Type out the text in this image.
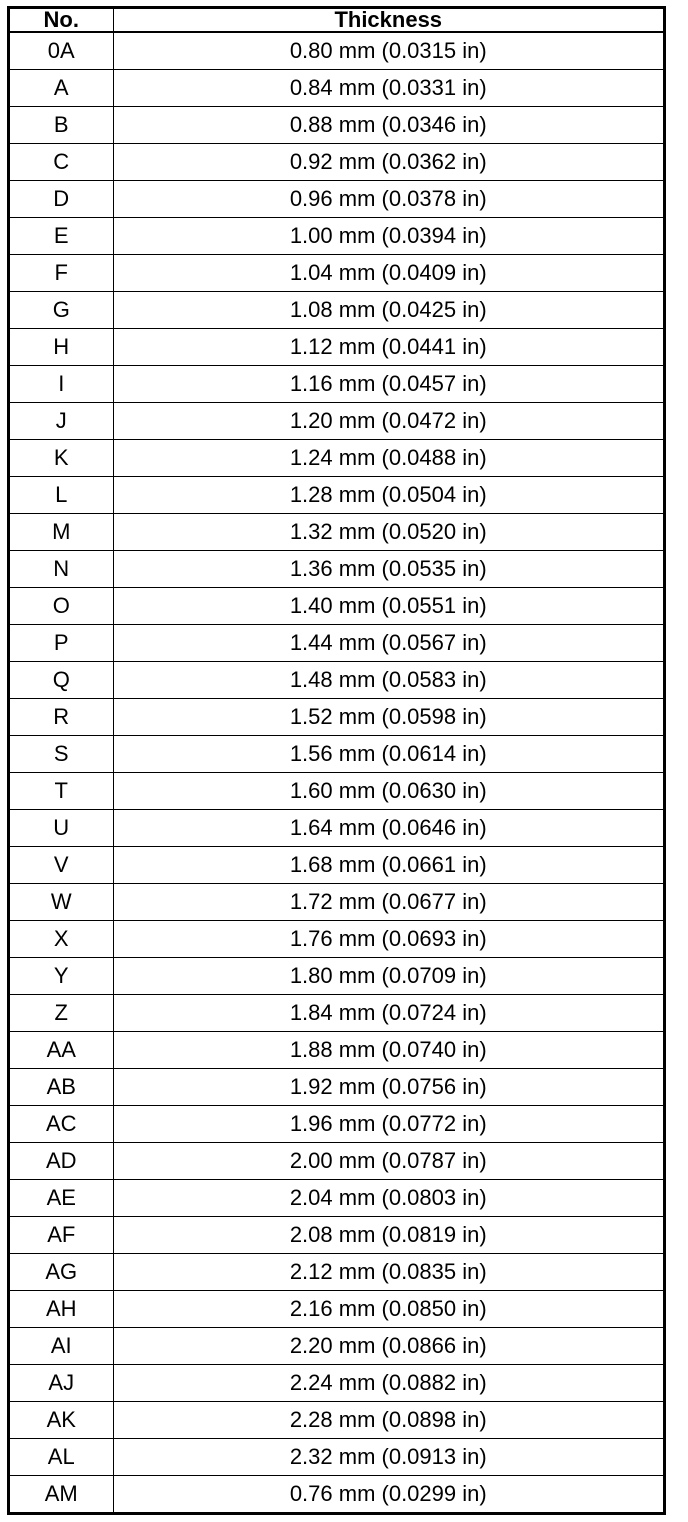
No.	Thickness
0A	0.80 mm (0.0315 in)
A	0.84 mm (0.0331 in)
B	0.88 mm (0.0346 in)
C	0.92 mm (0.0362 in)
D	0.96 mm (0.0378 in)
E	1.00 mm (0.0394 in)
F	1.04 mm (0.0409 in)
G	1.08 mm (0.0425 in)
H	1.12 mm (0.0441 in)
I	1.16 mm (0.0457 in)
J	1.20 mm (0.0472 in)
K	1.24 mm (0.0488 in)
L	1.28 mm (0.0504 in)
M	1.32 mm (0.0520 in)
N	1.36 mm (0.0535 in)
O	1.40 mm (0.0551 in)
P	1.44 mm (0.0567 in)
Q	1.48 mm (0.0583 in)
R	1.52 mm (0.0598 in)
S	1.56 mm (0.0614 in)
T	1.60 mm (0.0630 in)
U	1.64 mm (0.0646 in)
V	1.68 mm (0.0661 in)
W	1.72 mm (0.0677 in)
X	1.76 mm (0.0693 in)
Y	1.80 mm (0.0709 in)
Z	1.84 mm (0.0724 in)
AA	1.88 mm (0.0740 in)
AB	1.92 mm (0.0756 in)
AC	1.96 mm (0.0772 in)
AD	2.00 mm (0.0787 in)
AE	2.04 mm (0.0803 in)
AF	2.08 mm (0.0819 in)
AG	2.12 mm (0.0835 in)
AH	2.16 mm (0.0850 in)
AI	2.20 mm (0.0866 in)
AJ	2.24 mm (0.0882 in)
AK	2.28 mm (0.0898 in)
AL	2.32 mm (0.0913 in)
AM	0.76 mm (0.0299 in)
